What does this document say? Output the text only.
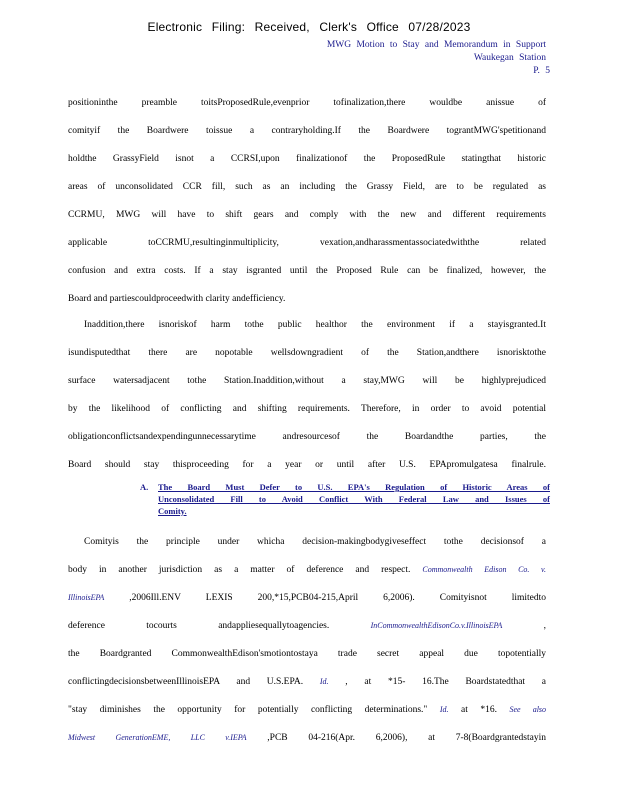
Electronic Filing: Received, Clerk's Office 07/28/2023
MWG Motion to Stay and Memorandum in Support
Waukegan Station
P. 5
positioninthe preamble toitsProposedRule,evenprior tofinalization,there wouldbe anissue of
comityif the Boardwere toissue a contraryholding.If the Boardwere tograntMWG'spetitionand
holdthe GrassyField isnot a CCRSI,upon finalizationof the ProposedRule statingthat historic
areas of unconsolidated CCR fill, such as an including the Grassy Field, are to be regulated as
CCRMU, MWG will have to shift gears and comply with the new and different requirements
applicable toCCRMU,resultinginmultiplicity, vexation,andharassmentassociatedwiththe related
confusion and extra costs. If a stay isgranted until the Proposed Rule can be finalized, however, the
Board and partiescouldproceedwith clarity andefficiency.
Inaddition,there isnoriskof harm tothe public healthor the environment if a stayisgranted.It
isundisputedthat there are nopotable wellsdowngradient of the Station,andthere isnorisktothe
surface watersadjacent tothe Station.Inaddition,without a stay,MWG will be highlyprejudiced
by the likelihood of conflicting and shifting requirements. Therefore, in order to avoid potential
obligationconflictsandexpendingunnecessarytime andresourcesof the Boardandthe parties, the
Board should stay thisproceeding for a year or until after U.S. EPApromulgatesa finalrule.
A. The Board Must Defer to U.S. EPA's Regulation of Historic Areas of
Unconsolidated Fill to Avoid Conflict With Federal Law and Issues of
Comity.
Comityis the principle under whicha decision-makingbodygiveseffect tothe decisionsof a
body in another jurisdiction as a matter of deference and respect. Commonwealth Edison Co. v.
IllinoisEPA	,2006Ill.ENV LEXIS 200,*15,PCB04-215,April 6,2006). Comityisnot limitedto
deference tocourts andappliesequallytoagencies.	InCommonwealthEdisonCo.v.IllinoisEPA	,
the Boardgranted CommonwealthEdison'smotiontostaya trade secret appeal due topotentially
conflictingdecisionsbetweenIllinoisEPA and U.S.EPA. Id. , at *15- 16.The Boardstatedthat a
"stay diminishes the opportunity for potentially conflicting determinations." Id. at *16. See also
Midwest GenerationEME, LLC v.IEPA ,PCB 04-216(Apr. 6,2006), at 7-8(Boardgrantedstayin
